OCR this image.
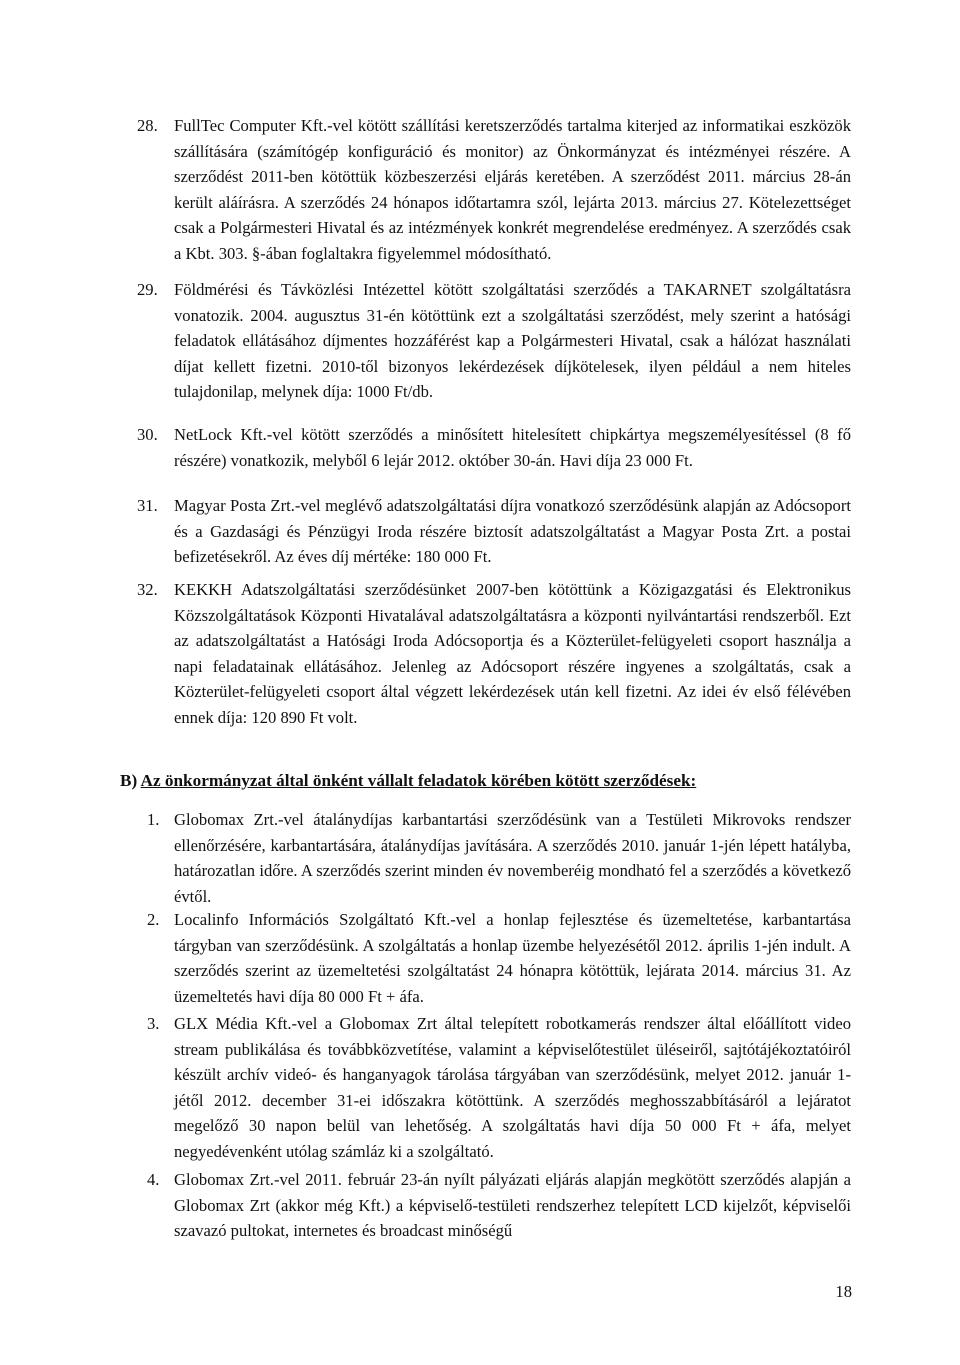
28. FullTec Computer Kft.-vel kötött szállítási keretszerződés tartalma kiterjed az informatikai eszközök szállítására (számítógép konfiguráció és monitor) az Önkormányzat és intézményei részére. A szerződést 2011-ben kötöttük közbeszerzési eljárás keretében. A szerződést 2011. március 28-án került aláírásra. A szerződés 24 hónapos időtartamra szól, lejárta 2013. március 27. Kötelezettséget csak a Polgármesteri Hivatal és az intézmények konkrét megrendelése eredményez. A szerződés csak a Kbt. 303. §-ában foglaltakra figyelemmel módosítható.
29. Földmérési és Távközlési Intézettel kötött szolgáltatási szerződés a TAKARNET szolgáltatásra vonatozik. 2004. augusztus 31-én kötöttünk ezt a szolgáltatási szerződést, mely szerint a hatósági feladatok ellátásához díjmentes hozzáférést kap a Polgármesteri Hivatal, csak a hálózat használati díjat kellett fizetni. 2010-től bizonyos lekérdezések díjkötelesek, ilyen például a nem hiteles tulajdonilap, melynek díja: 1000 Ft/db.
30. NetLock Kft.-vel kötött szerződés a minősített hitelesített chipkártya megszemélyesítéssel (8 fő részére) vonatkozik, melyből 6 lejár 2012. október 30-án. Havi díja 23 000 Ft.
31. Magyar Posta Zrt.-vel meglévő adatszolgáltatási díjra vonatkozó szerződésünk alapján az Adócsoport és a Gazdasági és Pénzügyi Iroda részére biztosít adatszolgáltatást a Magyar Posta Zrt. a postai befizetésekről. Az éves díj mértéke: 180 000 Ft.
32. KEKKH Adatszolgáltatási szerződésünket 2007-ben kötöttünk a Közigazgatási és Elektronikus Közszolgáltatások Központi Hivatalával adatszolgáltatásra a központi nyilvántartási rendszerből. Ezt az adatszolgáltatást a Hatósági Iroda Adócsoportja és a Közterület-felügyeleti csoport használja a napi feladatainak ellátásához. Jelenleg az Adócsoport részére ingyenes a szolgáltatás, csak a Közterület-felügyeleti csoport által végzett lekérdezések után kell fizetni. Az idei év első félévében ennek díja: 120 890 Ft volt.
B) Az önkormányzat által önként vállalt feladatok körében kötött szerződések:
1. Globomax Zrt.-vel átalánydíjas karbantartási szerződésünk van a Testületi Mikrovoks rendszer ellenőrzésére, karbantartására, átalánydíjas javítására. A szerződés 2010. január 1-jén lépett hatályba, határozatlan időre. A szerződés szerint minden év novemberéig mondható fel a szerződés a következő évtől.
2. Localinfo Információs Szolgáltató Kft.-vel a honlap fejlesztése és üzemeltetése, karbantartása tárgyban van szerződésünk. A szolgáltatás a honlap üzembe helyezésétől 2012. április 1-jén indult. A szerződés szerint az üzemeltetési szolgáltatást 24 hónapra kötöttük, lejárata 2014. március 31. Az üzemeltetés havi díja 80 000 Ft + áfa.
3. GLX Média Kft.-vel a Globomax Zrt által telepített robotkamerás rendszer által előállított video stream publikálása és továbbközvetítése, valamint a képviselőtestület üléseiről, sajtótájékoztatóiról készült archív videó- és hanganyagok tárolása tárgyában van szerződésünk, melyet 2012. január 1-jétől 2012. december 31-ei időszakra kötöttünk. A szerződés meghosszabbításáról a lejáratot megelőző 30 napon belül van lehetőség. A szolgáltatás havi díja 50 000 Ft + áfa, melyet negyedévenként utólag számláz ki a szolgáltató.
4. Globomax Zrt.-vel 2011. február 23-án nyílt pályázati eljárás alapján megkötött szerződés alapján a Globomax Zrt (akkor még Kft.) a képviselő-testületi rendszerhez telepített LCD kijelzőt, képviselői szavazó pultokat, internetes és broadcast minőségű
18
